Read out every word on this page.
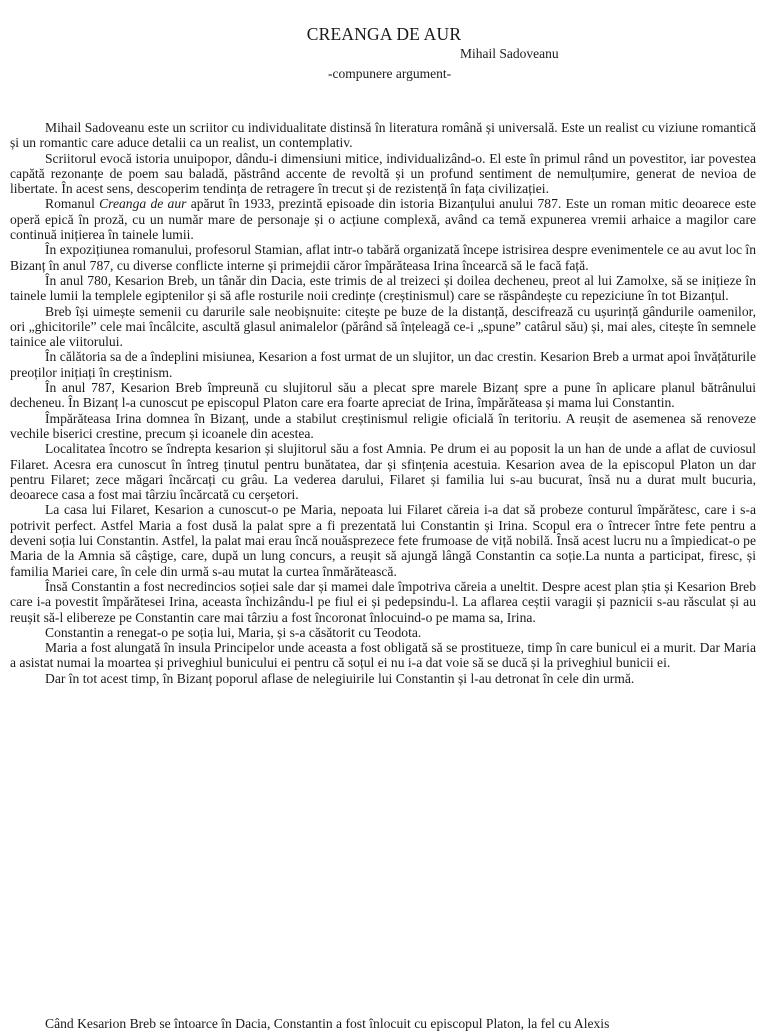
CREANGA DE AUR
Mihail Sadoveanu
-compunere argument-

Mihail Sadoveanu este un scriitor cu individualitate distinsă în literatura română și universală. Este un realist cu viziune romantică și un romantic care aduce detalii ca un realist, un contemplativ.

Scriitorul evocă istoria unuipopor, dându-i dimensiuni mitice, individualizând-o. El este în primul rând un povestitor, iar povestea capătă rezonanțe de poem sau baladă, păstrând accente de revoltă și un profund sentiment de nemulțumire, generat de nevioa de libertate. În acest sens, descoperim tendința de retragere în trecut și de rezistență în fața civilizației.

Romanul Creanga de aur apărut în 1933, prezintă episoade din istoria Bizanțului anului 787. Este un roman mitic deoarece este operă epică în proză, cu un număr mare de personaje și o acțiune complexă, având ca temă expunerea vremii arhaice a magilor care continuă inițierea în tainele lumii.

În expozițiunea romanului, profesorul Stamian, aflat intr-o tabără organizată începe istrisirea despre evenimentele ce au avut loc în Bizanț în anul 787, cu diverse conflicte interne și primejdii căror împărăteasa Irina încearcă să le facă față.

În anul 780, Kesarion Breb, un tânăr din Dacia, este trimis de al treizeci și doilea decheneu, preot al lui Zamolxe, să se inițieze în tainele lumii la templele egiptenilor și să afle rosturile noii credințe (creștinismul) care se răspândește cu repeziciune în tot Bizanțul.

Breb își uimește semenii cu darurile sale neobișnuite: citește pe buze de la distanță, descifrează cu ușurință gândurile oamenilor, ori „ghicitorile” cele mai încâlcite, ascultă glasul animalelor (părând să înțeleagă ce-i „spune” catârul său) și, mai ales, citește în semnele tainice ale viitorului.

În călătoria sa de a îndeplini misiunea, Kesarion a fost urmat de un slujitor, un dac crestin. Kesarion Breb a urmat apoi învățăturile preoților inițiați în creștinism.

În anul 787, Kesarion Breb împreună cu slujitorul său a plecat spre marele Bizanț spre a pune în aplicare planul bătrânului decheneu. În Bizanț l-a cunoscut pe episcopul Platon care era foarte apreciat de Irina, împărăteasa și mama lui Constantin.

Împărăteasa Irina domnea în Bizanț, unde a stabilut creștinismul religie oficială în teritoriu. A reușit de asemenea să renoveze vechile biserici crestine, precum și icoanele din acestea.

Localitatea încotro se îndrepta kesarion și slujitorul său a fost Amnia. Pe drum ei au poposit la un han de unde a aflat de cuviosul Filaret. Acesra era cunoscut în întreg ținutul pentru bunătatea, dar și sfințenia acestuia. Kesarion avea de la episcopul Platon un dar pentru Filaret; zece măgari încărcați cu grâu. La vederea darului, Filaret și familia lui s-au bucurat, însă nu a durat mult bucuria, deoarece casa a fost mai târziu încărcată cu cerșetori.

La casa lui Filaret, Kesarion a cunoscut-o pe Maria, nepoata lui Filaret căreia i-a dat să probeze conturul împărătesc, care i s-a potrivit perfect. Astfel Maria a fost dusă la palat spre a fi prezentată lui Constantin și Irina. Scopul era o întrecer între fete pentru a deveni soția lui Constantin. Astfel, la palat mai erau încă nouăsprezece fete frumoase de viță nobilă. Însă acest lucru nu a împiedicat-o pe Maria de la Amnia să câștige, care, după un lung concurs, a reușit să ajungă lângă Constantin ca soție.La nunta a participat, firesc, și familia Mariei care, în cele din urmă s-au mutat la curtea înmărătească.

Însă Constantin a fost necredincios soției sale dar și mamei dale împotriva căreia a uneltit. Despre acest plan știa și Kesarion Breb care i-a povestit împărătesei Irina, aceasta închizându-l pe fiul ei și pedepsindu-l. La aflarea ceștii varagii și paznicii s-au răsculat și au reușit să-l elibereze pe Constantin care mai târziu a fost încoronat înlocuind-o pe mama sa, Irina.

Constantin a renegat-o pe soția lui, Maria, și s-a căsătorit cu Teodota.

Maria a fost alungată în insula Principelor unde aceasta a fost obligată să se prostitueze, timp în care bunicul ei a murit. Dar Maria a asistat numai la moartea și priveghiul bunicului ei pentru că soțul ei nu i-a dat voie să se ducă și la priveghiul bunicii ei.

Dar în tot acest timp, în Bizanț poporul aflase de nelegiuirile lui Constantin și l-au detronat în cele din urmă.

Când Kesarion Breb se întoarce în Dacia, Constantin a fost înlocuit cu episcopul Platon, la fel cu Alexis
